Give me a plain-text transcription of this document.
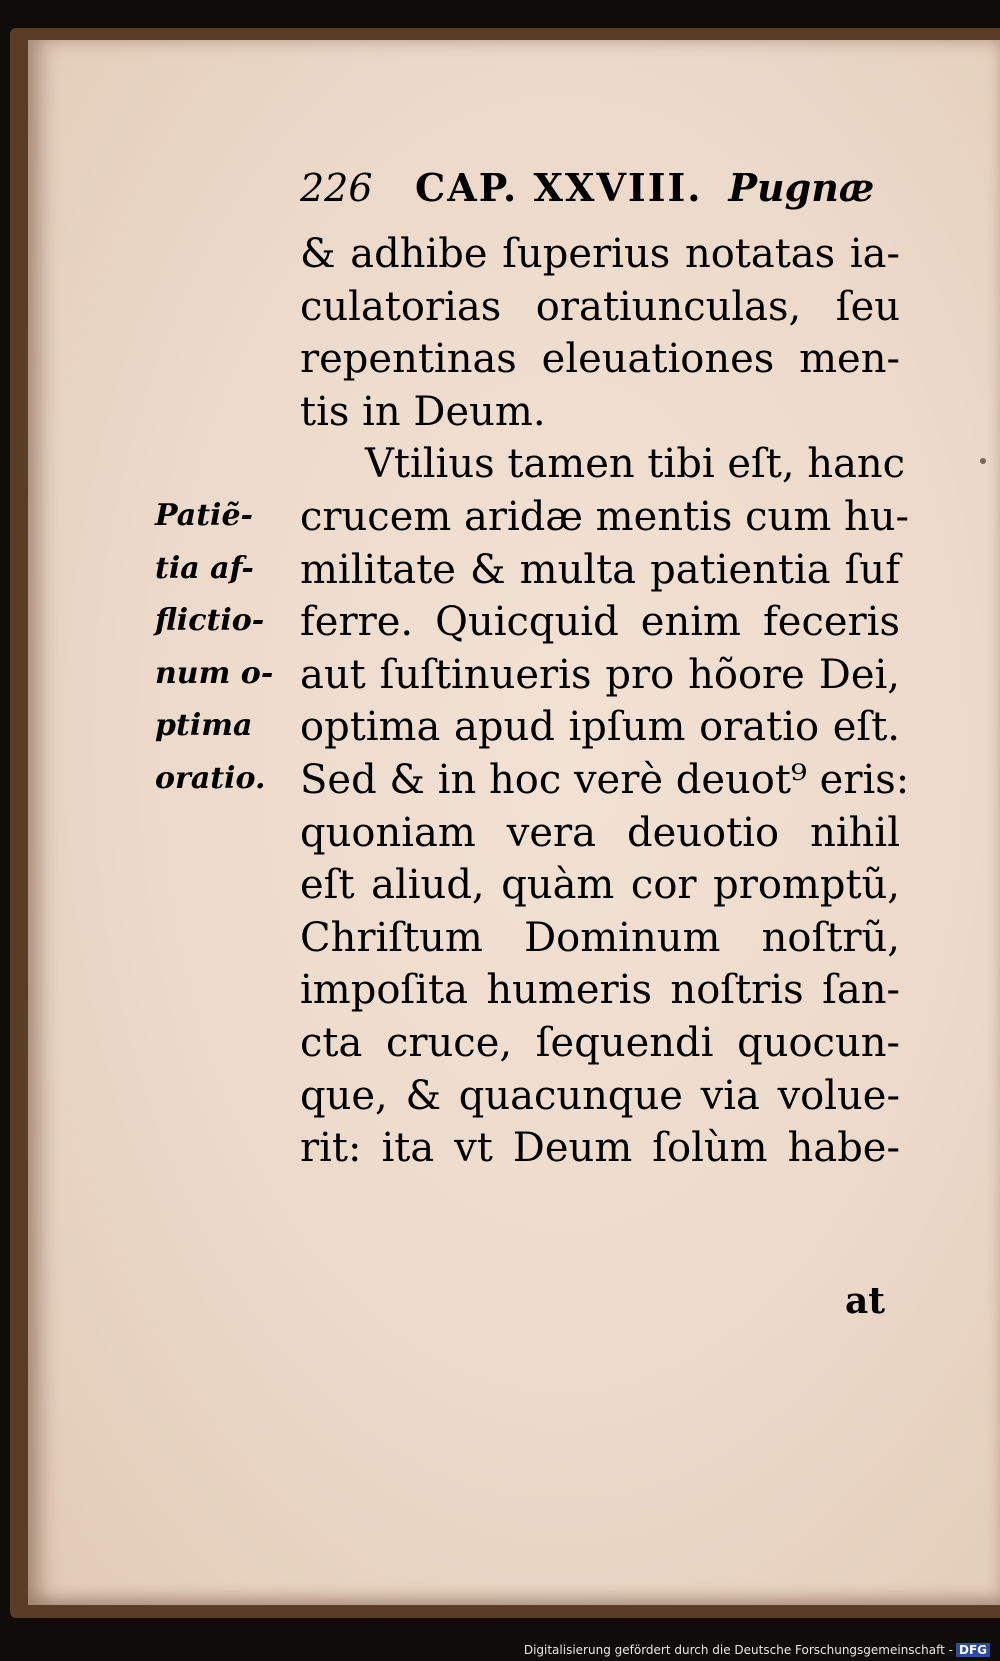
226 CAP. XXVIII. Pugnæ
Patiẽ-
tia af-
flictio-
num o-
ptima
oratio.
& adhibe ſuperius notatas ia-
culatorias oratiunculas, ſeu
repentinas eleuationes men-
tis in Deum.
Vtilius tamen tibi eſt, hanc
crucem aridæ mentis cum hu-
militate & multa patientia ſuf
ferre. Quicquid enim feceris
aut ſuſtinueris pro hõore Dei,
optima apud ipſum oratio eſt.
Sed & in hoc verè deuot⁹ eris:
quoniam vera deuotio nihil
eſt aliud, quàm cor promptũ,
Chriſtum Dominum noſtrũ,
impoſita humeris noſtris ſan-
cta cruce, ſequendi quocun-
que, & quacunque via volue-
rit: ita vt Deum ſolùm habe-
at
Digitalisierung gefördert durch die Deutsche Forschungsgemeinschaft - DFG
